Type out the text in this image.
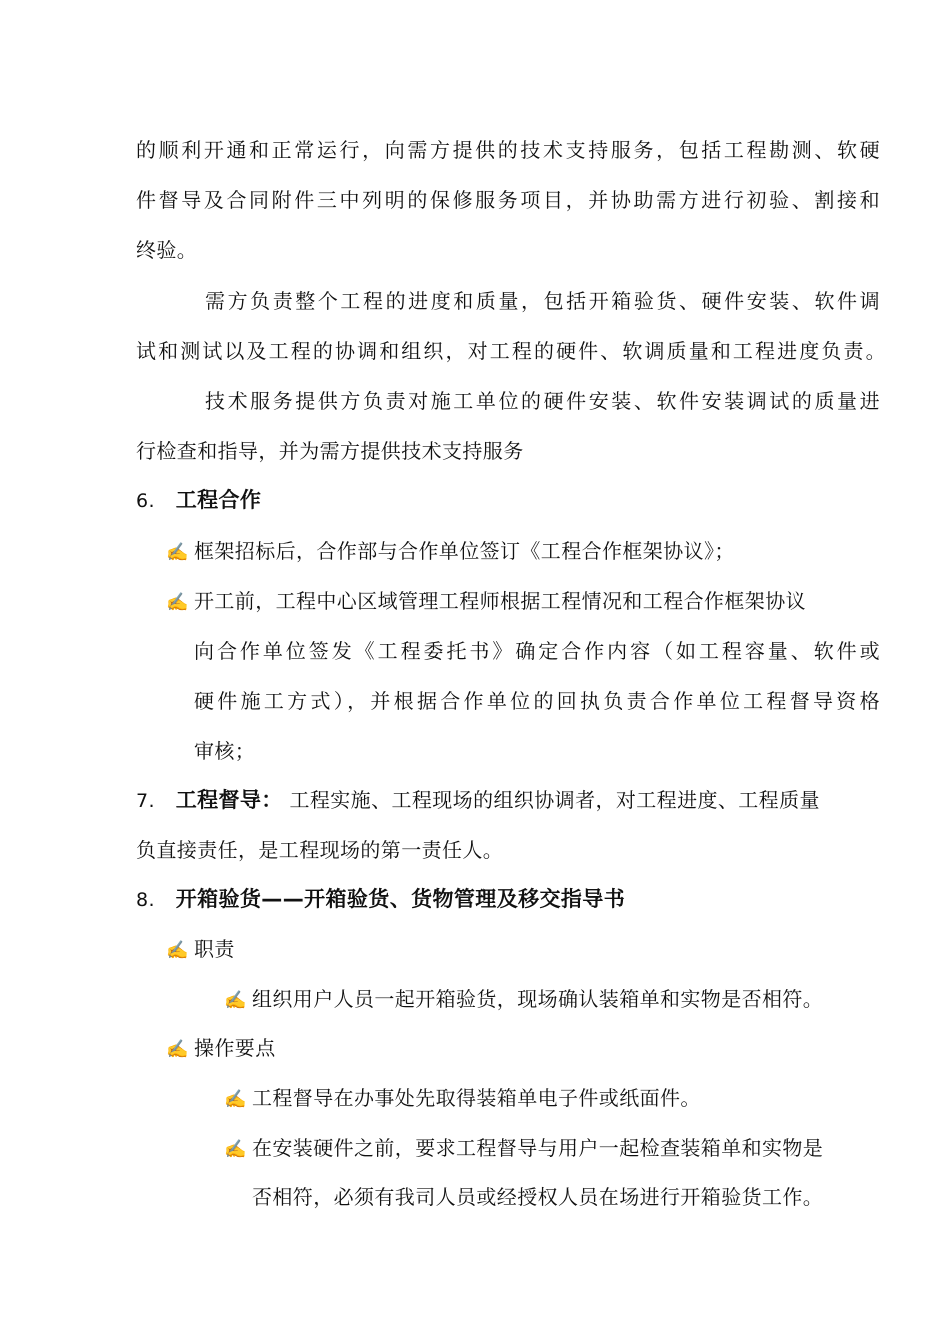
的顺利开通和正常运行，向需方提供的技术支持服务，包括工程勘测、软硬
件督导及合同附件三中列明的保修服务项目，并协助需方进行初验、割接和
终验。
需方负责整个工程的进度和质量，包括开箱验货、硬件安装、软件调
试和测试以及工程的协调和组织，对工程的硬件、软调质量和工程进度负责。
技术服务提供方负责对施工单位的硬件安装、软件安装调试的质量进
行检查和指导，并为需方提供技术支持服务
6. 工程合作
✍ 框架招标后，合作部与合作单位签订《工程合作框架协议》；
✍ 开工前，工程中心区域管理工程师根据工程情况和工程合作框架协议
向合作单位签发《工程委托书》确定合作内容（如工程容量、软件或
硬件施工方式），并根据合作单位的回执负责合作单位工程督导资格
审核；
7. 工程督导： 工程实施、工程现场的组织协调者，对工程进度、工程质量
负直接责任，是工程现场的第一责任人。
8. 开箱验货——开箱验货、货物管理及移交指导书
✍ 职责
✍ 组织用户人员一起开箱验货，现场确认装箱单和实物是否相符。
✍ 操作要点
✍ 工程督导在办事处先取得装箱单电子件或纸面件。
✍ 在安装硬件之前，要求工程督导与用户一起检查装箱单和实物是
否相符，必须有我司人员或经授权人员在场进行开箱验货工作。
